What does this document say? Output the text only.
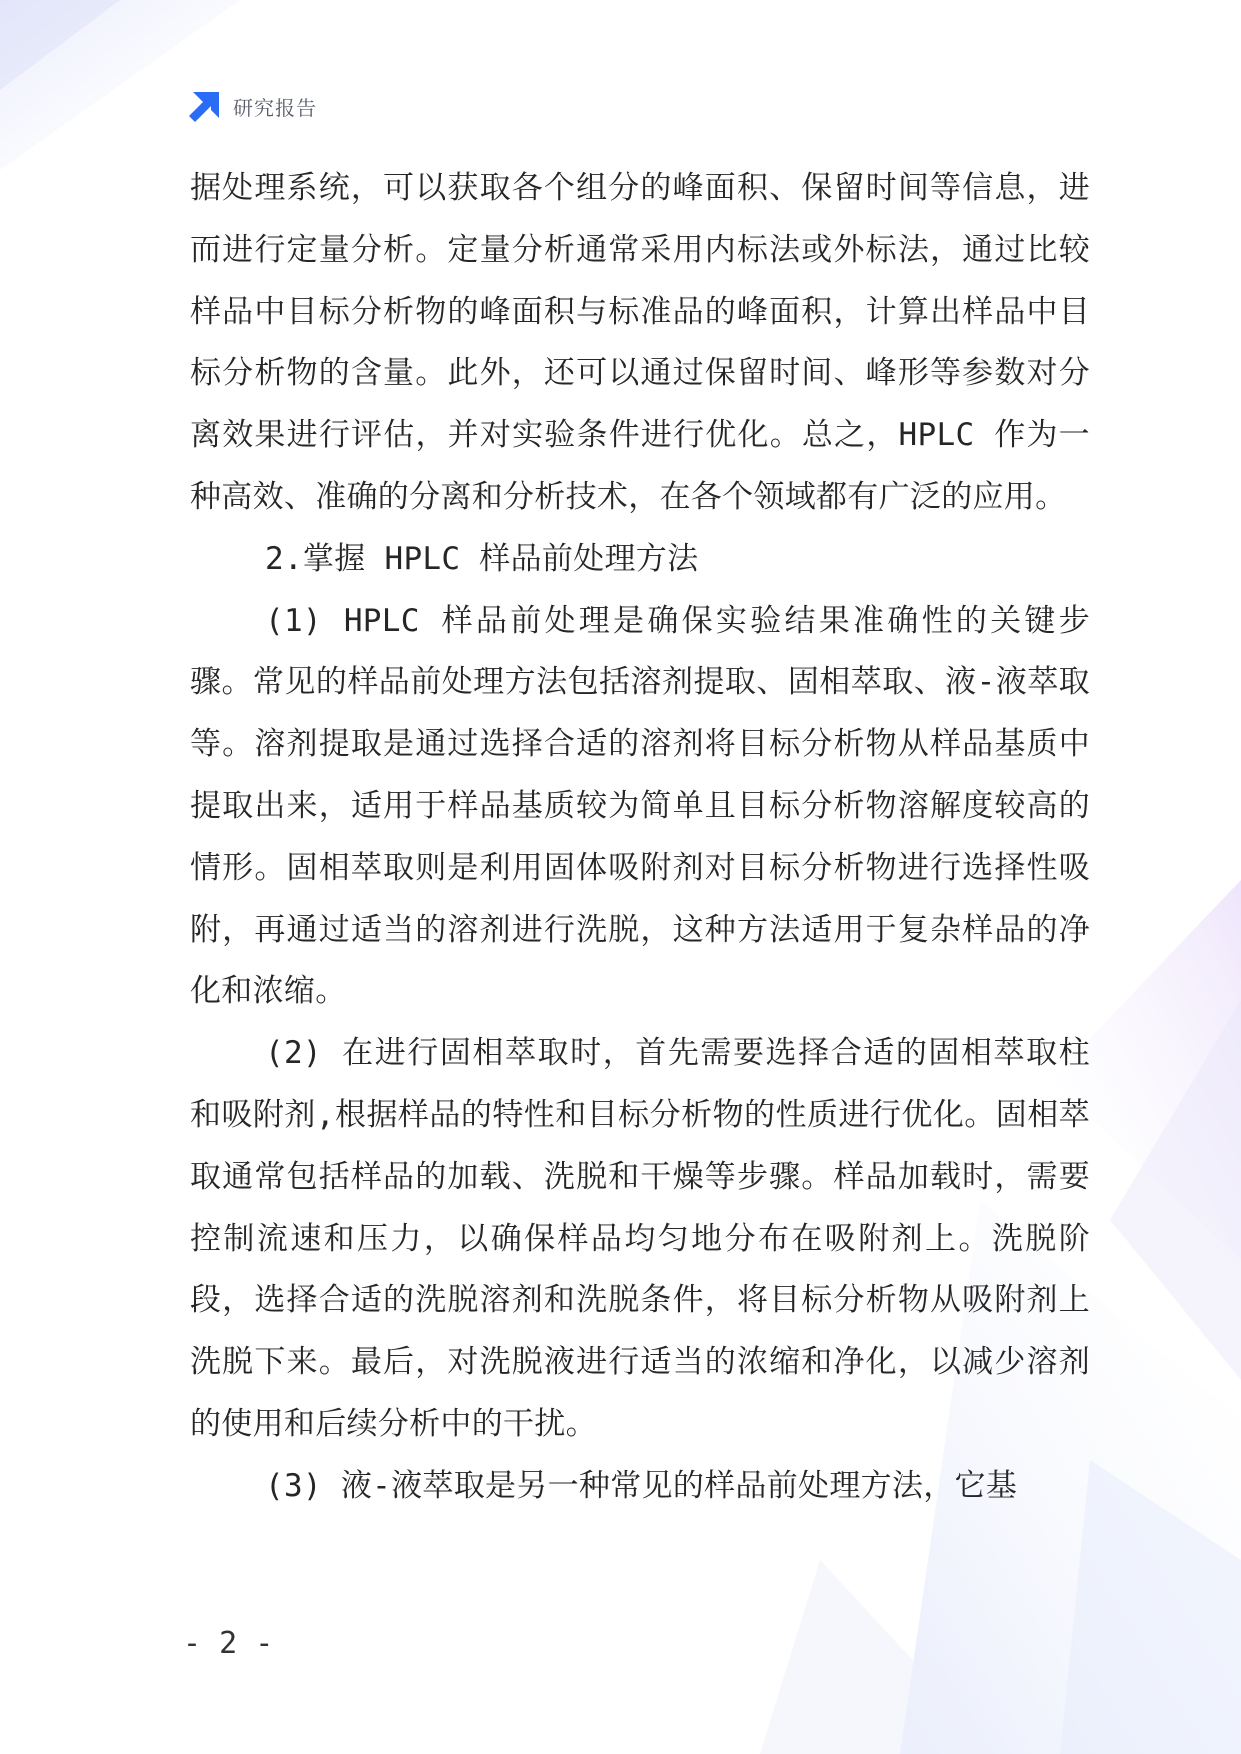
研究报告

据处理系统，可以获取各个组分的峰面积、保留时间等信息，进而进行定量分析。定量分析通常采用内标法或外标法，通过比较样品中目标分析物的峰面积与标准品的峰面积，计算出样品中目标分析物的含量。此外，还可以通过保留时间、峰形等参数对分离效果进行评估，并对实验条件进行优化。总之，HPLC 作为一种高效、准确的分离和分析技术，在各个领域都有广泛的应用。

2.掌握 HPLC 样品前处理方法

(1) HPLC 样品前处理是确保实验结果准确性的关键步骤。常见的样品前处理方法包括溶剂提取、固相萃取、液-液萃取等。溶剂提取是通过选择合适的溶剂将目标分析物从样品基质中提取出来，适用于样品基质较为简单且目标分析物溶解度较高的情形。固相萃取则是利用固体吸附剂对目标分析物进行选择性吸附，再通过适当的溶剂进行洗脱，这种方法适用于复杂样品的净化和浓缩。

(2) 在进行固相萃取时，首先需要选择合适的固相萃取柱和吸附剂,根据样品的特性和目标分析物的性质进行优化。固相萃取通常包括样品的加载、洗脱和干燥等步骤。样品加载时，需要控制流速和压力，以确保样品均匀地分布在吸附剂上。洗脱阶段，选择合适的洗脱溶剂和洗脱条件，将目标分析物从吸附剂上洗脱下来。最后，对洗脱液进行适当的浓缩和净化，以减少溶剂的使用和后续分析中的干扰。

(3) 液-液萃取是另一种常见的样品前处理方法，它基

- 2 -
